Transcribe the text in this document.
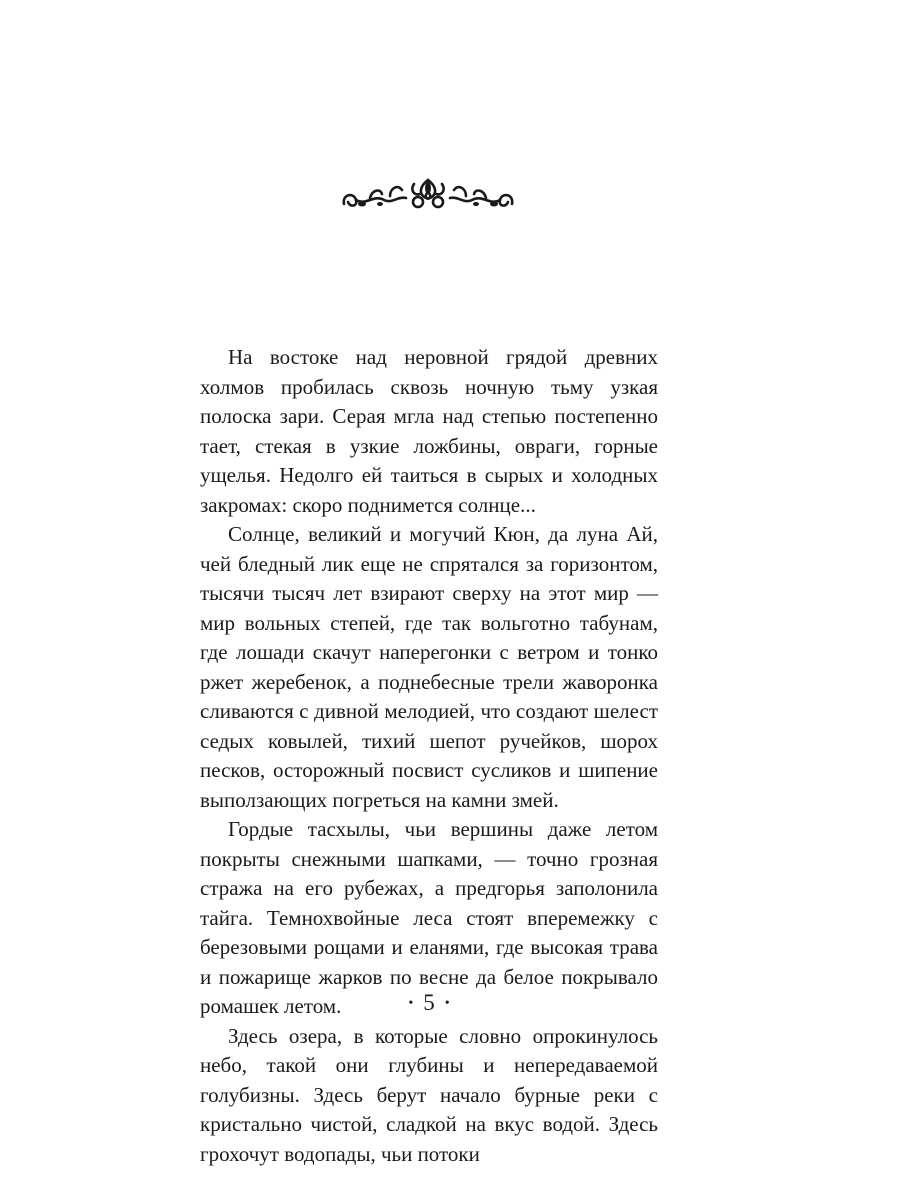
На востоке над неровной грядой древних холмов пробилась сквозь ночную тьму узкая полоска зари. Серая мгла над степью постепенно тает, стекая в узкие ложбины, овраги, горные ущелья. Недолго ей таиться в сырых и холодных закромах: скоро поднимется солнце...

Солнце, великий и могучий Кюн, да луна Ай, чей бледный лик еще не спрятался за горизонтом, тысячи тысяч лет взирают сверху на этот мир — мир вольных степей, где так вольготно табунам, где лошади скачут наперегонки с ветром и тонко ржет жеребенок, а поднебесные трели жаворонка сливаются с дивной мелодией, что создают шелест седых ковылей, тихий шепот ручейков, шорох песков, осторожный посвист сусликов и шипение выползающих погреться на камни змей.

Гордые тасхылы, чьи вершины даже летом покрыты снежными шапками, — точно грозная стража на его рубежах, а предгорья заполонила тайга. Темнохвойные леса стоят вперемежку с березовыми рощами и еланями, где высокая трава и пожарище жарков по весне да белое покрывало ромашек летом.

Здесь озера, в которые словно опрокинулось небо, такой они глубины и непередаваемой голубизны. Здесь берут начало бурные реки с кристально чистой, сладкой на вкус водой. Здесь грохочут водопады, чьи потоки

• 5 •
